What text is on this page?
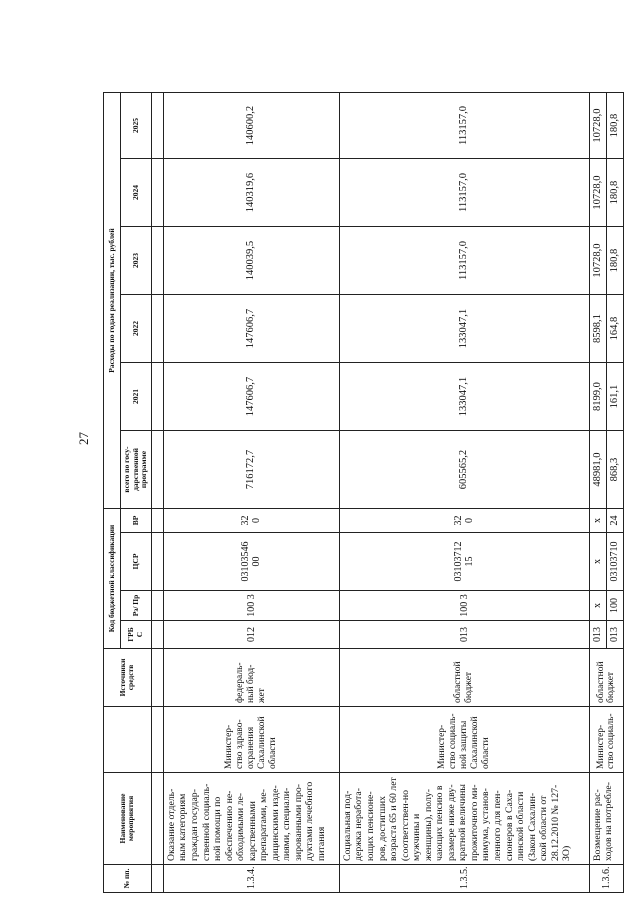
27
№ пп.	Наименование мероприятия		Источники средств	Код бюджетной классификации				Расходы по годам реализации, тыс. рублей					
				ГРБ С	Рз/ Пр	ЦСР	ВР	всего по госу-дарственной программе	2021	2022	2023	2024	2025

1.3.4.	Оказание отдель-ным категориям граждан государ-ственной социаль-ной помощи по обеспечению не-обходимыми ле-карственными препаратами, ме-дицинскими изде-лиями, специали-зированными про-дуктами лечебного питания	Министер-ство здраво-охранения Сахалинской области	федераль-ный бюд-жет	012	100 3	03103546 00	32 0	716172,7	147606,7	147606,7	140039,5	140319,6	140600,2
1.3.5.	Социальная под-держка неработа-ющих пенсионе-ров, достигших возраста 65 и 60 лет (соответствен-но мужчины и женщины), полу-чающих пенсию в размере ниже дву-кратной величины прожиточного ми-нимума, установ-ленного для пен-сионеров в Саха-линской области (Закон Сахалин-ской области от 28.12.2010 № 127-ЗО)	Министер-ство социаль-ной защиты Сахалинской области	областной бюджет	013	100 3	03103712 15	32 0	605565,2	133047,1	133047,1	113157,0	113157,0	113157,0
1.3.6.	Возмещение рас-ходов на потребле-	Министер-ство социаль-	областной бюджет	013	х	х	х	48981,0	8199,0	8598,1	10728,0	10728,0	10728,0
				013	100	03103710	24	868,3	161,1	164,8	180,8	180,8	180,8
